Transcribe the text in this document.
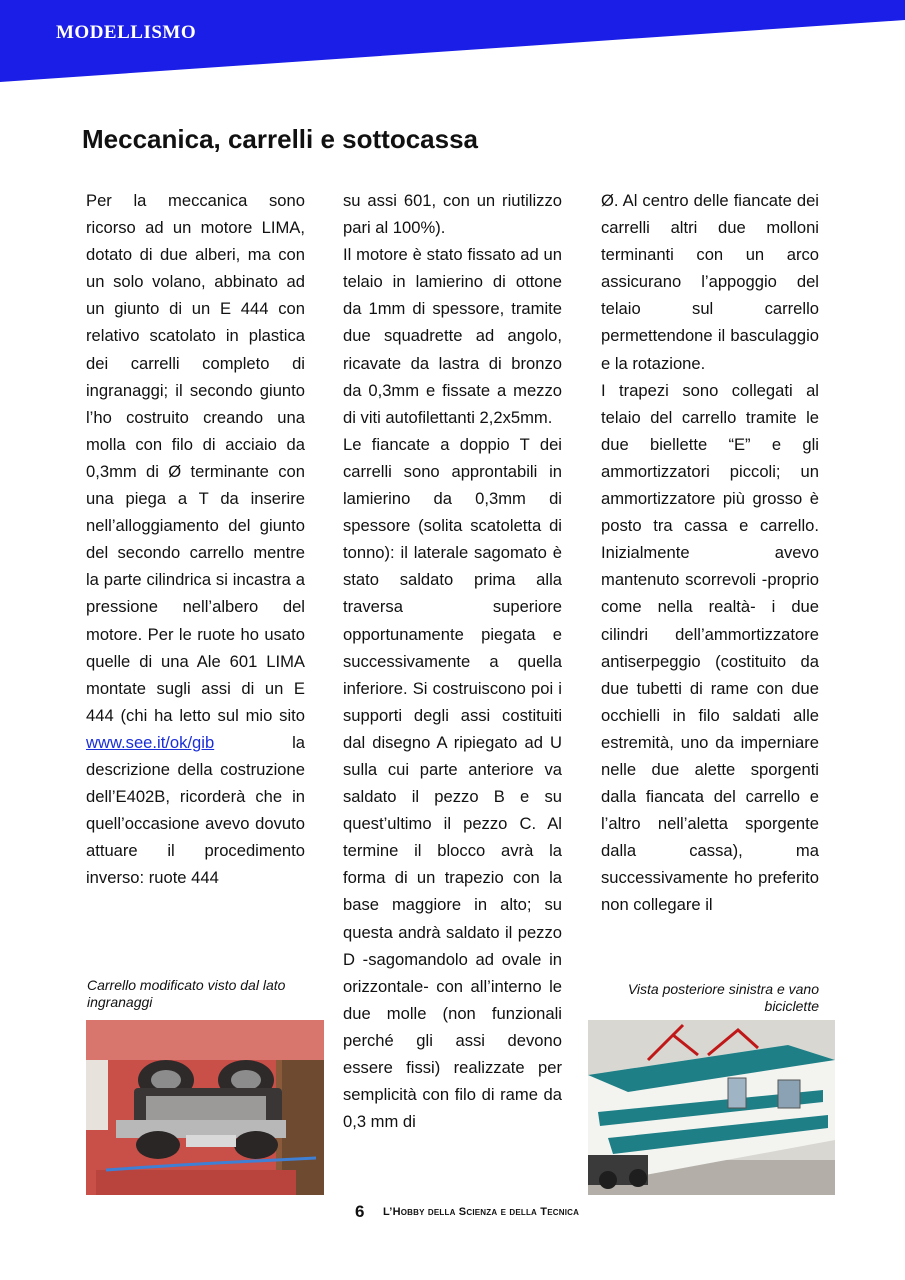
MODELLISMO
Meccanica, carrelli e sottocassa

Per la meccanica sono ricorso ad un motore LIMA, dotato di due alberi, ma con un solo volano, abbinato ad un giunto di un E 444 con relativo scatolato in plastica dei carrelli completo di ingranaggi; il secondo giunto l’ho costruito creando una molla con filo di acciaio da 0,3mm di Ø terminante con una piega a T da inserire nell’alloggiamento del giunto del secondo carrello mentre la parte cilindrica si incastra a pressione nell’albero del motore. Per le ruote ho usato quelle di una Ale 601 LIMA montate sugli assi di un E 444 (chi ha letto sul mio sito www.see.it/ok/gib la descrizione della costruzione dell’E402B, ricorderà che in quell’occasione avevo dovuto attuare il procedimento inverso: ruote 444

su assi 601, con un riutilizzo pari al 100%).

Il motore è stato fissato ad un telaio in lamierino di ottone da 1mm di spessore, tramite due squadrette ad angolo, ricavate da lastra di bronzo da 0,3mm e fissate a mezzo di viti autofilettanti 2,2x5mm.

Le fiancate a doppio T dei carrelli sono approntabili in lamierino da 0,3mm di spessore (solita scatoletta di tonno): il laterale sagomato è stato saldato prima alla traversa superiore opportunamente piegata e successivamente a quella inferiore. Si costruiscono poi i supporti degli assi costituiti dal disegno A ripiegato ad U sulla cui parte anteriore va saldato il pezzo B e su quest’ultimo il pezzo C. Al termine il blocco avrà la forma di un trapezio con la base maggiore in alto; su questa andrà saldato il pezzo D -sagomandolo ad ovale in orizzontale- con all’interno le due molle (non funzionali perché gli assi devono essere fissi) realizzate per semplicità con filo di rame da 0,3 mm di

Ø. Al centro delle fiancate dei carrelli altri due molloni terminanti con un arco assicurano l’appoggio del telaio sul carrello permettendone il basculaggio e la rotazione.

I trapezi sono collegati al telaio del carrello tramite le due biellette “E” e gli ammortizzatori piccoli; un ammortizzatore più grosso è posto tra cassa e carrello. Inizialmente avevo mantenuto scorrevoli -proprio come nella realtà- i due cilindri dell’ammortizzatore antiserpeggio (costituito da due tubetti di rame con due occhielli in filo saldati alle estremità, uno da imperniare nelle due alette sporgenti dalla fiancata del carrello e l’altro nell’aletta sporgente dalla cassa), ma successivamente ho preferito non collegare il

Carrello modificato visto dal lato ingranaggi
Vista posteriore sinistra e vano biciclette
6 L’Hobby della Scienza e della Tecnica
